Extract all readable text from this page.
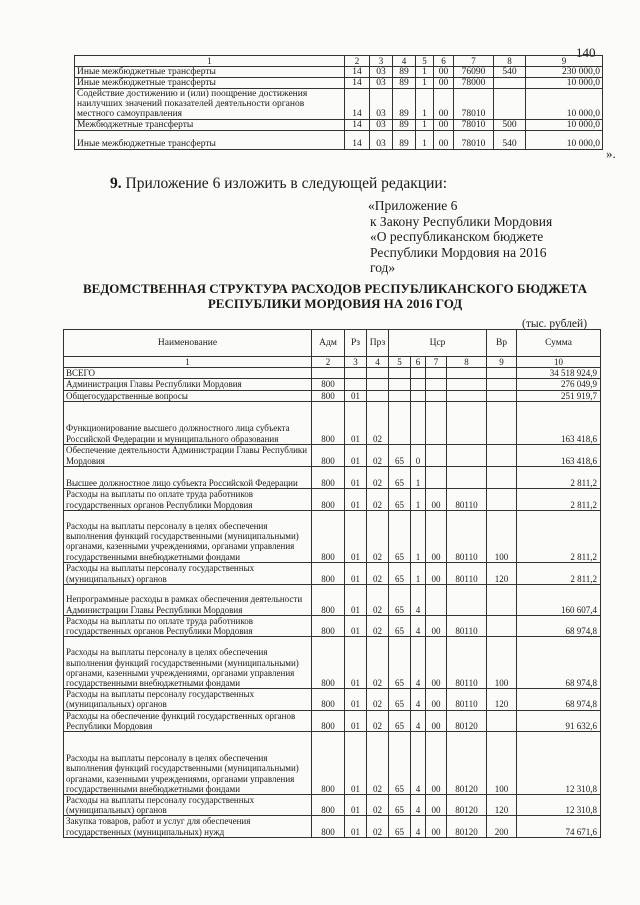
140
1	2	3	4	5	6	7	8	9
Иные межбюджетные трансферты	14	03	89	1	00	76090	540	230 000,0
Иные межбюджетные трансферты	14	03	89	1	00	78000		10 000,0
Содействие достижению и (или) поощрение достижения наилучших значений показателей деятельности органов местного самоуправления	14	03	89	1	00	78010		10 000,0
Межбюджетные трансферты	14	03	89	1	00	78010	500	10 000,0
Иные межбюджетные трансферты	14	03	89	1	00	78010	540	10 000,0
».
9. Приложение 6 изложить в следующей редакции:
«Приложение 6
к Закону Республики Мордовия
«О республиканском бюджете
Республики Мордовия на 2016
год»
ВЕДОМСТВЕННАЯ СТРУКТУРА РАСХОДОВ РЕСПУБЛИКАНСКОГО БЮДЖЕТА
РЕСПУБЛИКИ МОРДОВИЯ НА 2016 ГОД
(тыс. рублей)
Наименование	Адм	Рз	Прз	Цср				Вр	Сумма
1	2	3	4	5	6	7	8	9	10
ВСЕГО									34 518 924,9
Администрация Главы Республики Мордовия	800								276 049,9
Общегосударственные вопросы	800	01							251 919,7
Функционирование высшего должностного лица субъекта Российской Федерации и муниципального образования	800	01	02						163 418,6
Обеспечение деятельности Администрации Главы Республики Мордовия	800	01	02	65	0				163 418,6
Высшее должностное лицо субъекта Российской Федерации	800	01	02	65	1				2 811,2
Расходы на выплаты по оплате труда работников государственных органов Республики Мордовия	800	01	02	65	1	00	80110		2 811,2
Расходы на выплаты персоналу в целях обеспечения выполнения функций государственными (муниципальными) органами, казенными учреждениями, органами управления государственными внебюджетными фондами	800	01	02	65	1	00	80110	100	2 811,2
Расходы на выплаты персоналу государственных (муниципальных) органов	800	01	02	65	1	00	80110	120	2 811,2
Непрограммные расходы в рамках обеспечения деятельности Администрации Главы Республики Мордовия	800	01	02	65	4				160 607,4
Расходы на выплаты по оплате труда работников государственных органов Республики Мордовия	800	01	02	65	4	00	80110		68 974,8
Расходы на выплаты персоналу в целях обеспечения выполнения функций государственными (муниципальными) органами, казенными учреждениями, органами управления государственными внебюджетными фондами	800	01	02	65	4	00	80110	100	68 974,8
Расходы на выплаты персоналу государственных (муниципальных) органов	800	01	02	65	4	00	80110	120	68 974,8
Расходы на обеспечение функций государственных органов Республики Мордовия	800	01	02	65	4	00	80120		91 632,6
Расходы на выплаты персоналу в целях обеспечения выполнения функций государственными (муниципальными) органами, казенными учреждениями, органами управления государственными внебюджетными фондами	800	01	02	65	4	00	80120	100	12 310,8
Расходы на выплаты персоналу государственных (муниципальных) органов	800	01	02	65	4	00	80120	120	12 310,8
Закупка товаров, работ и услуг для обеспечения государственных (муниципальных) нужд	800	01	02	65	4	00	80120	200	74 671,6
